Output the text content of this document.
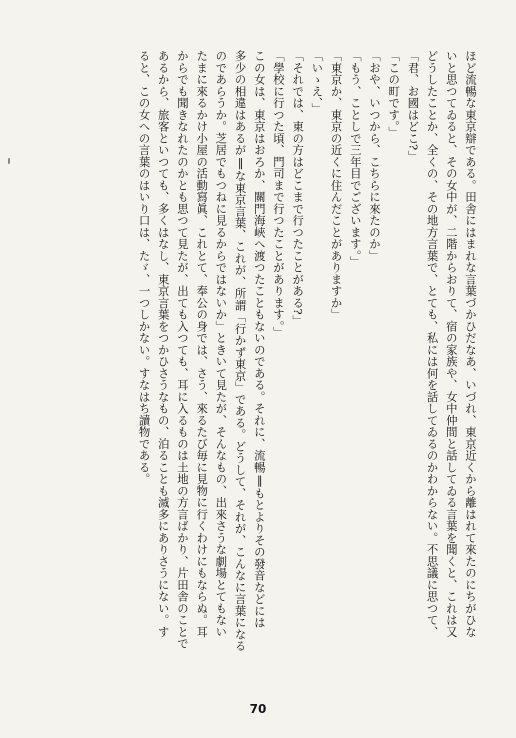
ほど流暢な東京辯である。田舎にはまれな言葉づかひだなあ、いづれ、東京近くから離はれて來たのにちがひな
いと思つてゐると、その女中が、二階からおりて、宿の家族や、女中仲間と話してゐる言葉を聞くと、これは又
どうしたことか、全くの、その地方言葉で、とても、私には何を話してゐるのかわからない。不思議に思つて、
「君、お國はどこ?」
「この町です。」
「おや、いつから、こちらに來たのか」
「もう、ことしで三年目でございます。」
「東京か、東京の近くに住んだことがありますか」
「いゝえ、」
「それでは、東の方はどこまで行つたことがある?」
「學校に行つた頃、門司まで行つたことがあります。」
この女は、東京はおろか、關門海峽へ渡つたこともないのである。それに、流暢‖もとよりその發音などには
多少の相違はあるが‖な東京言葉、これが、所謂「行かず東京」である。どうして、それが、こんなに言葉になる
のであらうか。芝居でもつねに見るからではないか」ときいて見たが、そんなもの、出來さうな劇場とてもない
たまに來るかけ小屋の活動寫眞、これとて、奉公の身では、さう、來るたび毎に見物に行くわけにもならぬ。耳
からでも聞きなれたのかとも思つて見たが、出ても入つても、耳に入るものは土地の方言ばかり、片田舎のことで
あるから、旅客といつても、多くはなし、東京言葉をつかひさうなもの、泊ることも滅多にありさうにない。す
ると、この女への言葉のはいり口は、たゞ、一つしかない。すなはち讀物である。
70
